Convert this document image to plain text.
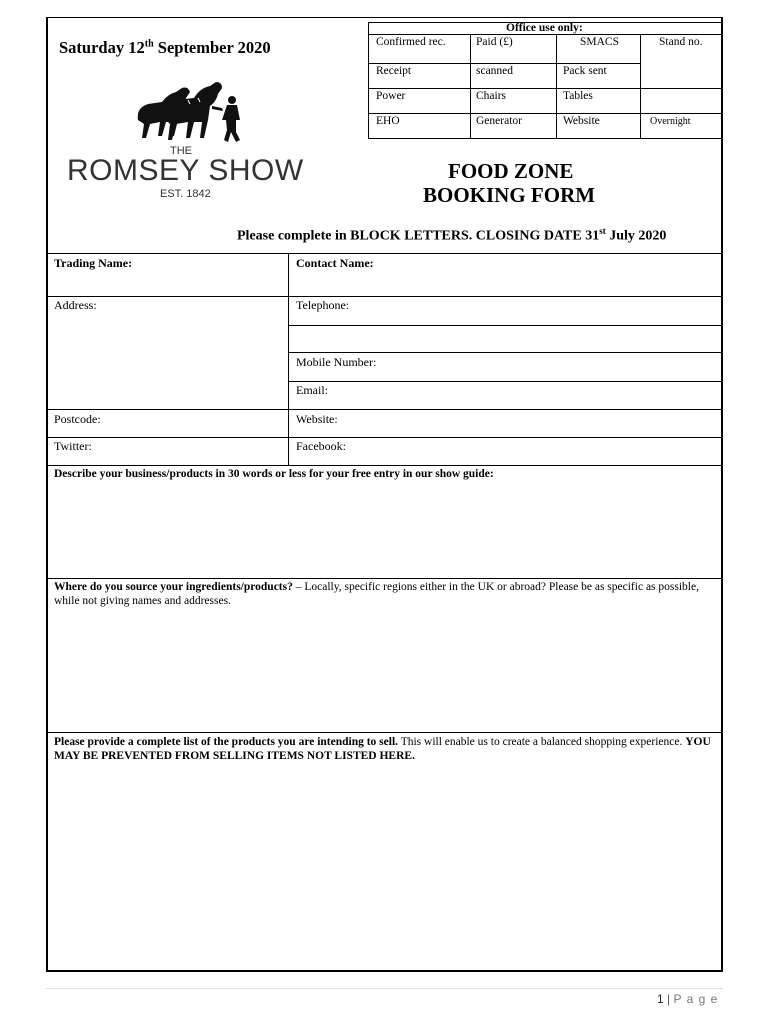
Saturday 12th September 2020
THE
ROMSEY SHOW
EST. 1842
Office use only:
Confirmed rec.	Paid (£)	SMACS	Stand no.
Receipt	scanned	Pack sent
Power	Chairs	Tables
EHO	Generator	Website	Overnight
FOOD ZONE
BOOKING FORM
Please complete in BLOCK LETTERS. CLOSING DATE 31st July 2020
Trading Name:	Contact Name:
Address:	Telephone:
Mobile Number:
Email:
Postcode:	Website:
Twitter:	Facebook:
Describe your business/products in 30 words or less for your free entry in our show guide:
Where do you source your ingredients/products? – Locally, specific regions either in the UK or abroad? Please be as specific as possible, while not giving names and addresses.
Please provide a complete list of the products you are intending to sell. This will enable us to create a balanced shopping experience. YOU MAY BE PREVENTED FROM SELLING ITEMS NOT LISTED HERE.
1 | P a g e
